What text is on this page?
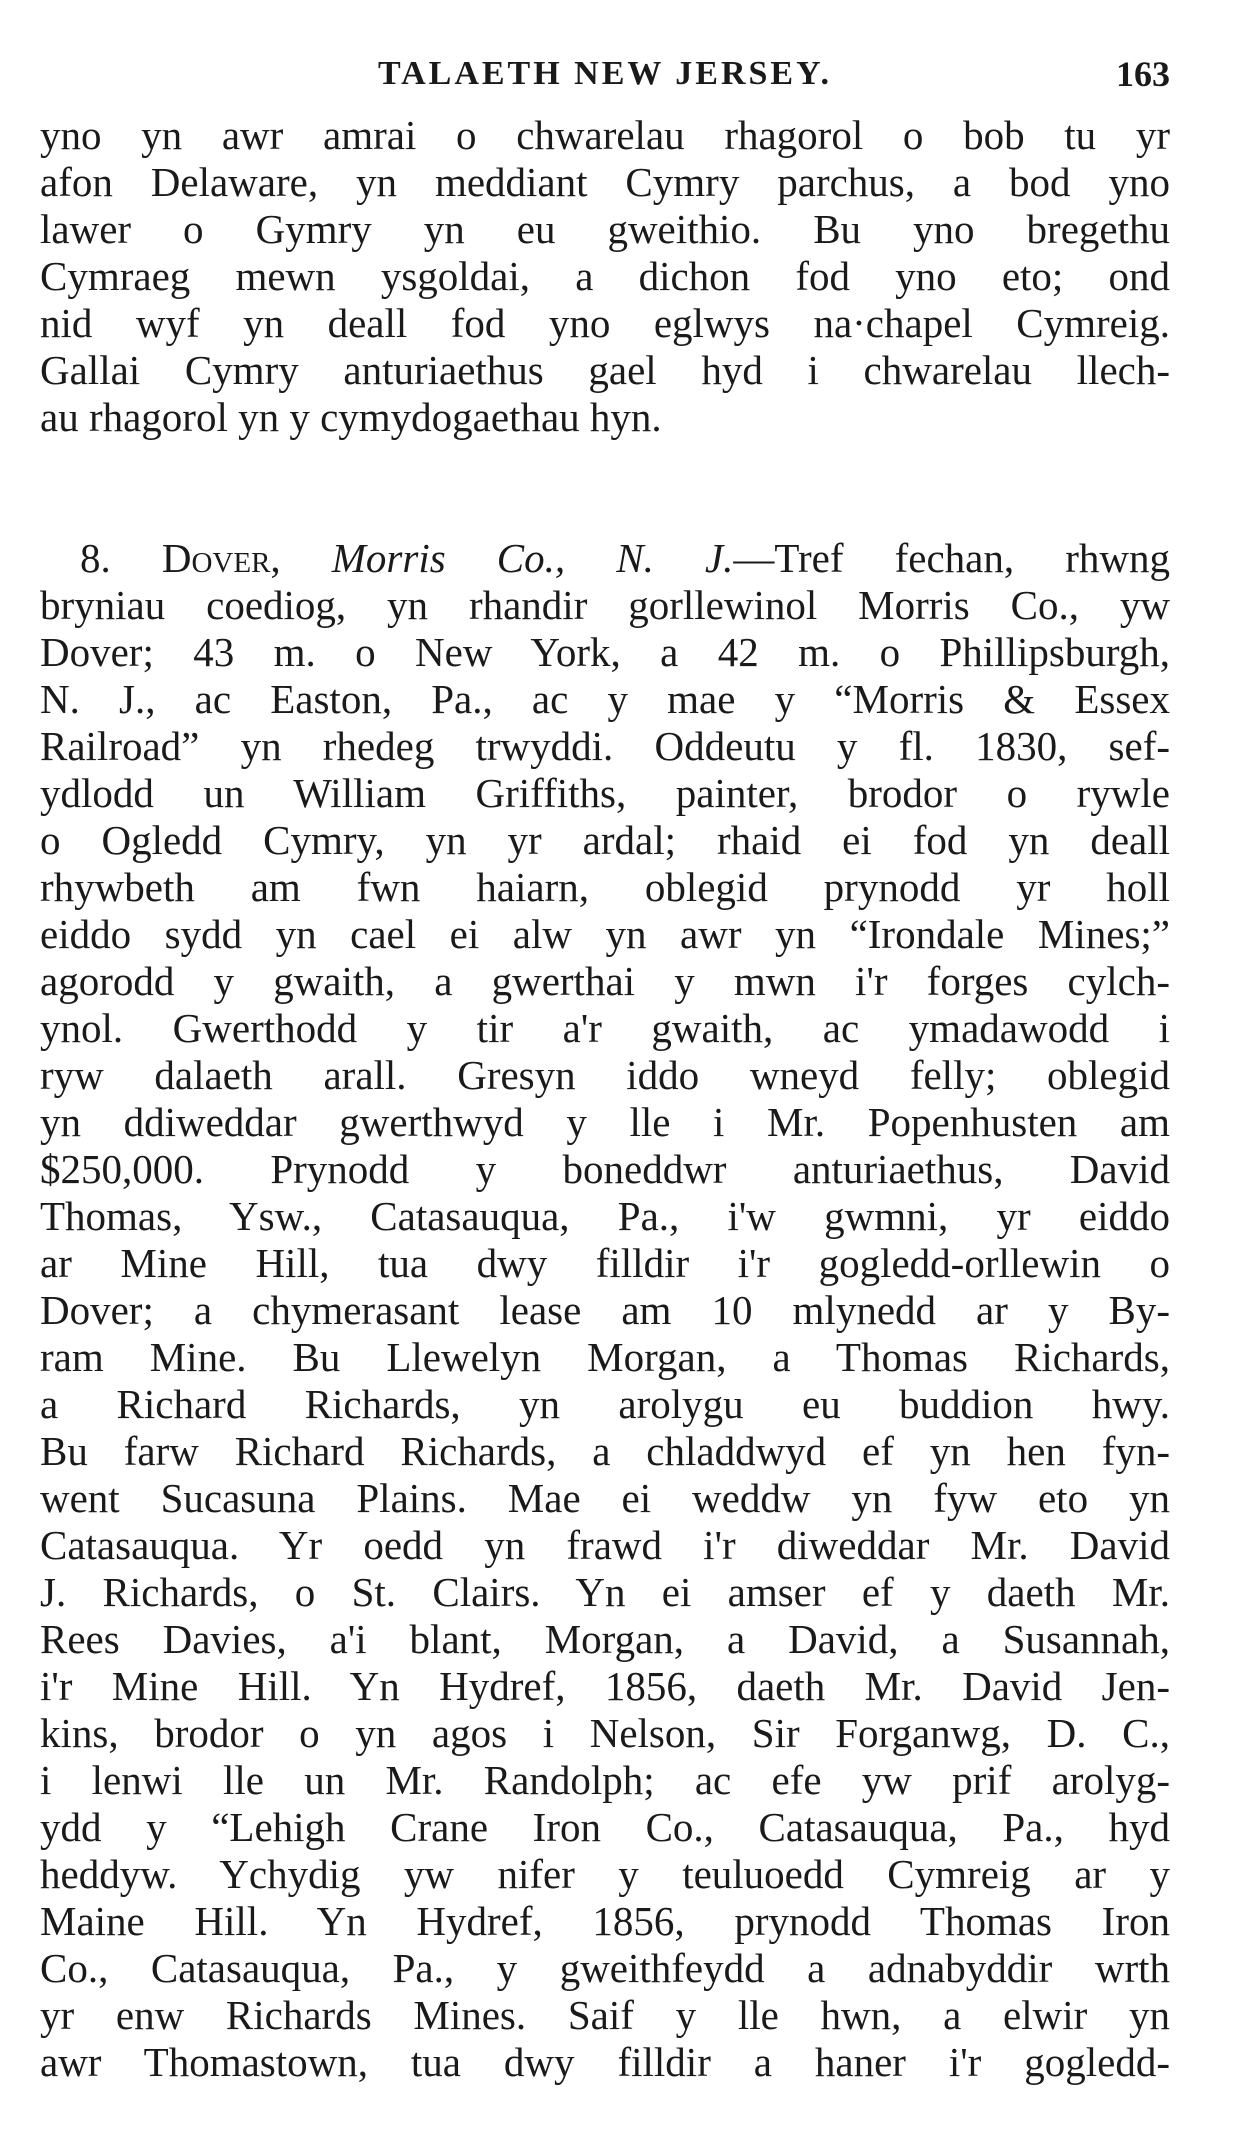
TALAETH NEW JERSEY.	163
yno yn awr amrai o chwarelau rhagorol o bob tu yr
afon Delaware, yn meddiant Cymry parchus, a bod yno
lawer o Gymry yn eu gweithio. Bu yno bregethu
Cymraeg mewn ysgoldai, a dichon fod yno eto; ond
nid wyf yn deall fod yno eglwys na·chapel Cymreig.
Gallai Cymry anturiaethus gael hyd i chwarelau llech-
au rhagorol yn y cymydogaethau hyn.
8. Dover, Morris Co., N. J.—Tref fechan, rhwng
bryniau coediog, yn rhandir gorllewinol Morris Co., yw
Dover; 43 m. o New York, a 42 m. o Phillipsburgh,
N. J., ac Easton, Pa., ac y mae y “Morris & Essex
Railroad” yn rhedeg trwyddi. Oddeutu y fl. 1830, sef-
ydlodd un William Griffiths, painter, brodor o rywle
o Ogledd Cymry, yn yr ardal; rhaid ei fod yn deall
rhywbeth am fwn haiarn, oblegid prynodd yr holl
eiddo sydd yn cael ei alw yn awr yn “Irondale Mines;”
agorodd y gwaith, a gwerthai y mwn i'r forges cylch-
ynol. Gwerthodd y tir a'r gwaith, ac ymadawodd i
ryw dalaeth arall. Gresyn iddo wneyd felly; oblegid
yn ddiweddar gwerthwyd y lle i Mr. Popenhusten am
$250,000. Prynodd y boneddwr anturiaethus, David
Thomas, Ysw., Catasauqua, Pa., i'w gwmni, yr eiddo
ar Mine Hill, tua dwy filldir i'r gogledd-orllewin o
Dover; a chymerasant lease am 10 mlynedd ar y By-
ram Mine. Bu Llewelyn Morgan, a Thomas Richards,
a Richard Richards, yn arolygu eu buddion hwy.
Bu farw Richard Richards, a chladdwyd ef yn hen fyn-
went Sucasuna Plains. Mae ei weddw yn fyw eto yn
Catasauqua. Yr oedd yn frawd i'r diweddar Mr. David
J. Richards, o St. Clairs. Yn ei amser ef y daeth Mr.
Rees Davies, a'i blant, Morgan, a David, a Susannah,
i'r Mine Hill. Yn Hydref, 1856, daeth Mr. David Jen-
kins, brodor o yn agos i Nelson, Sir Forganwg, D. C.,
i lenwi lle un Mr. Randolph; ac efe yw prif arolyg-
ydd y “Lehigh Crane Iron Co., Catasauqua, Pa., hyd
heddyw. Ychydig yw nifer y teuluoedd Cymreig ar y
Maine Hill. Yn Hydref, 1856, prynodd Thomas Iron
Co., Catasauqua, Pa., y gweithfeydd a adnabyddir wrth
yr enw Richards Mines. Saif y lle hwn, a elwir yn
awr Thomastown, tua dwy filldir a haner i'r gogledd-
